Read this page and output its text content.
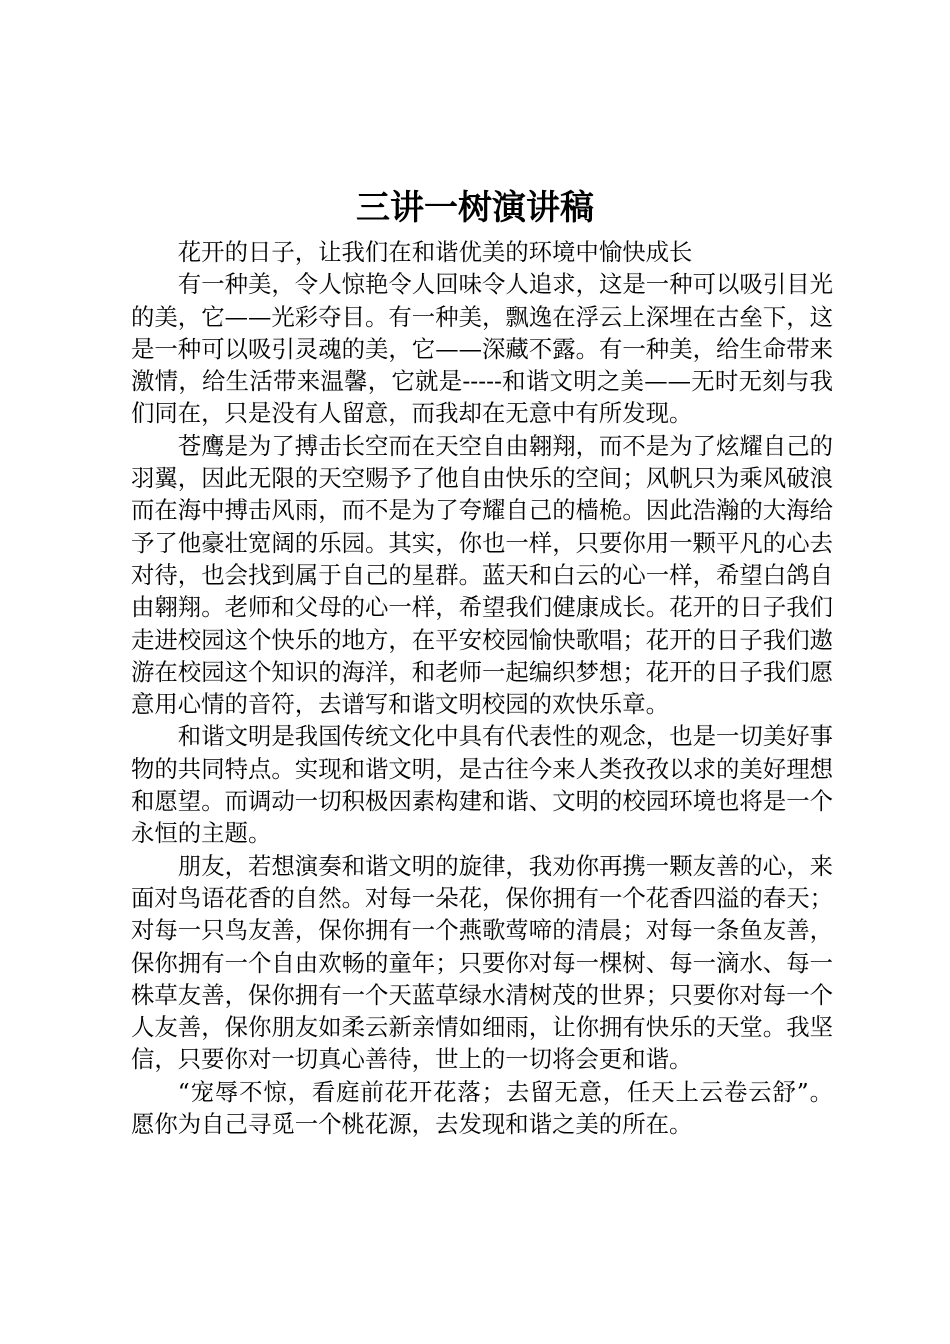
三讲一树演讲稿

花开的日子，让我们在和谐优美的环境中愉快成长

有一种美，令人惊艳令人回味令人追求，这是一种可以吸引目光的美，它——光彩夺目。有一种美，飘逸在浮云上深埋在古垒下，这是一种可以吸引灵魂的美，它——深藏不露。有一种美，给生命带来激情，给生活带来温馨，它就是-----和谐文明之美——无时无刻与我们同在，只是没有人留意，而我却在无意中有所发现。

苍鹰是为了搏击长空而在天空自由翱翔，而不是为了炫耀自己的羽翼，因此无限的天空赐予了他自由快乐的空间；风帆只为乘风破浪而在海中搏击风雨，而不是为了夸耀自己的樯桅。因此浩瀚的大海给予了他豪壮宽阔的乐园。其实，你也一样，只要你用一颗平凡的心去对待，也会找到属于自己的星群。蓝天和白云的心一样，希望白鸽自由翱翔。老师和父母的心一样，希望我们健康成长。花开的日子我们走进校园这个快乐的地方，在平安校园愉快歌唱；花开的日子我们遨游在校园这个知识的海洋，和老师一起编织梦想；花开的日子我们愿意用心情的音符，去谱写和谐文明校园的欢快乐章。

和谐文明是我国传统文化中具有代表性的观念，也是一切美好事物的共同特点。实现和谐文明，是古往今来人类孜孜以求的美好理想和愿望。而调动一切积极因素构建和谐、文明的校园环境也将是一个永恒的主题。

朋友，若想演奏和谐文明的旋律，我劝你再携一颗友善的心，来面对鸟语花香的自然。对每一朵花，保你拥有一个花香四溢的春天；对每一只鸟友善，保你拥有一个燕歌莺啼的清晨；对每一条鱼友善，保你拥有一个自由欢畅的童年；只要你对每一棵树、每一滴水、每一株草友善，保你拥有一个天蓝草绿水清树茂的世界；只要你对每一个人友善，保你朋友如柔云新亲情如细雨，让你拥有快乐的天堂。我坚信，只要你对一切真心善待，世上的一切将会更和谐。

“宠辱不惊，看庭前花开花落；去留无意，任天上云卷云舒”。愿你为自己寻觅一个桃花源，去发现和谐之美的所在。
